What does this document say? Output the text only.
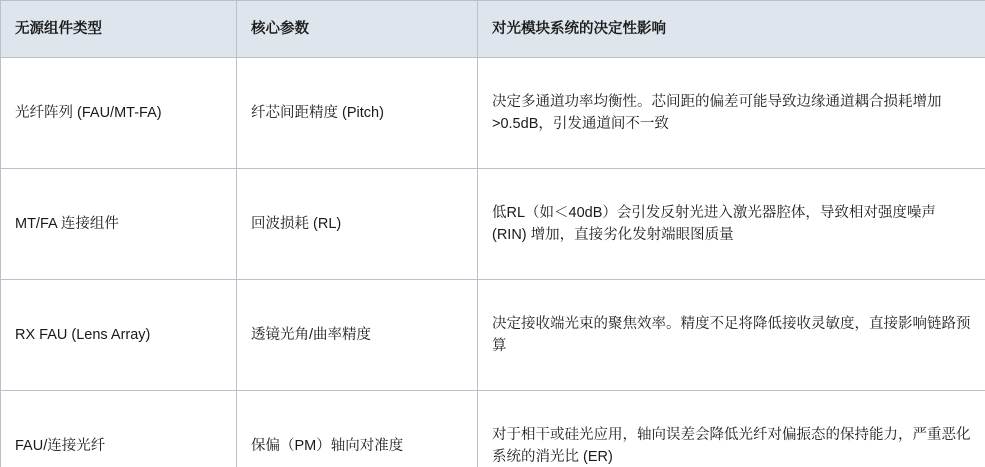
无源组件类型	核心参数	对光模块系统的决定性影响

光纤阵列 (FAU/MT-FA)	纤芯间距精度 (Pitch)	决定多通道功率均衡性。芯间距的偏差可能导致边缘通道耦合损耗增加>0.5dB，引发通道间不一致

MT/FA 连接组件	回波损耗 (RL)	低RL（如＜40dB）会引发反射光进入激光器腔体，导致相对强度噪声 (RIN) 增加，直接劣化发射端眼图质量

RX FAU (Lens Array)	透镜光角/曲率精度	决定接收端光束的聚焦效率。精度不足将降低接收灵敏度，直接影响链路预算

FAU/连接光纤	保偏（PM）轴向对准度	对于相干或硅光应用，轴向误差会降低光纤对偏振态的保持能力，严重恶化系统的消光比 (ER)
